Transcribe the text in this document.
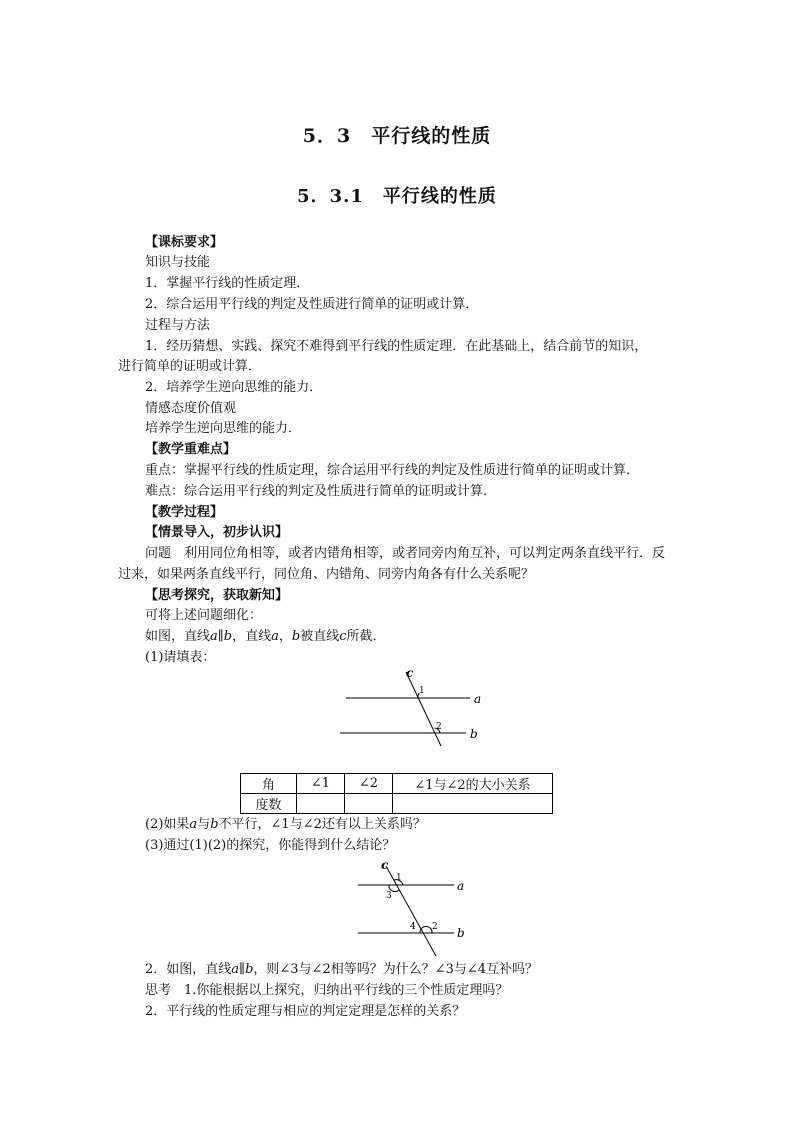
5．3　平行线的性质
5．3.1　平行线的性质
【课标要求】
知识与技能
1．掌握平行线的性质定理．
2．综合运用平行线的判定及性质进行简单的证明或计算．
过程与方法
1．经历猜想、实践、探究不难得到平行线的性质定理．在此基础上，结合前节的知识，
进行简单的证明或计算．
2．培养学生逆向思维的能力．
情感态度价值观
培养学生逆向思维的能力．
【教学重难点】
重点：掌握平行线的性质定理，综合运用平行线的判定及性质进行简单的证明或计算．
难点：综合运用平行线的判定及性质进行简单的证明或计算．
【教学过程】
【情景导入，初步认识】
问题　利用同位角相等，或者内错角相等，或者同旁内角互补，可以判定两条直线平行．反
过来，如果两条直线平行，同位角、内错角、同旁内角各有什么关系呢？
【思考探究，获取新知】
可将上述问题细化：
如图，直线a∥b，直线a，b被直线c所截．
(1)请填表：
c
1
2
a
b
角	∠1	∠2	∠1与∠2的大小关系
度数			
(2)如果a与b不平行，∠1与∠2还有以上关系吗？
(3)通过(1)(2)的探究，你能得到什么结论？
c
1
3
4 2
a
b
2．如图，直线a∥b，则∠3与∠2相等吗？为什么？∠3与∠4互补吗？
思考　1.你能根据以上探究，归纳出平行线的三个性质定理吗？
2．平行线的性质定理与相应的判定定理是怎样的关系？
